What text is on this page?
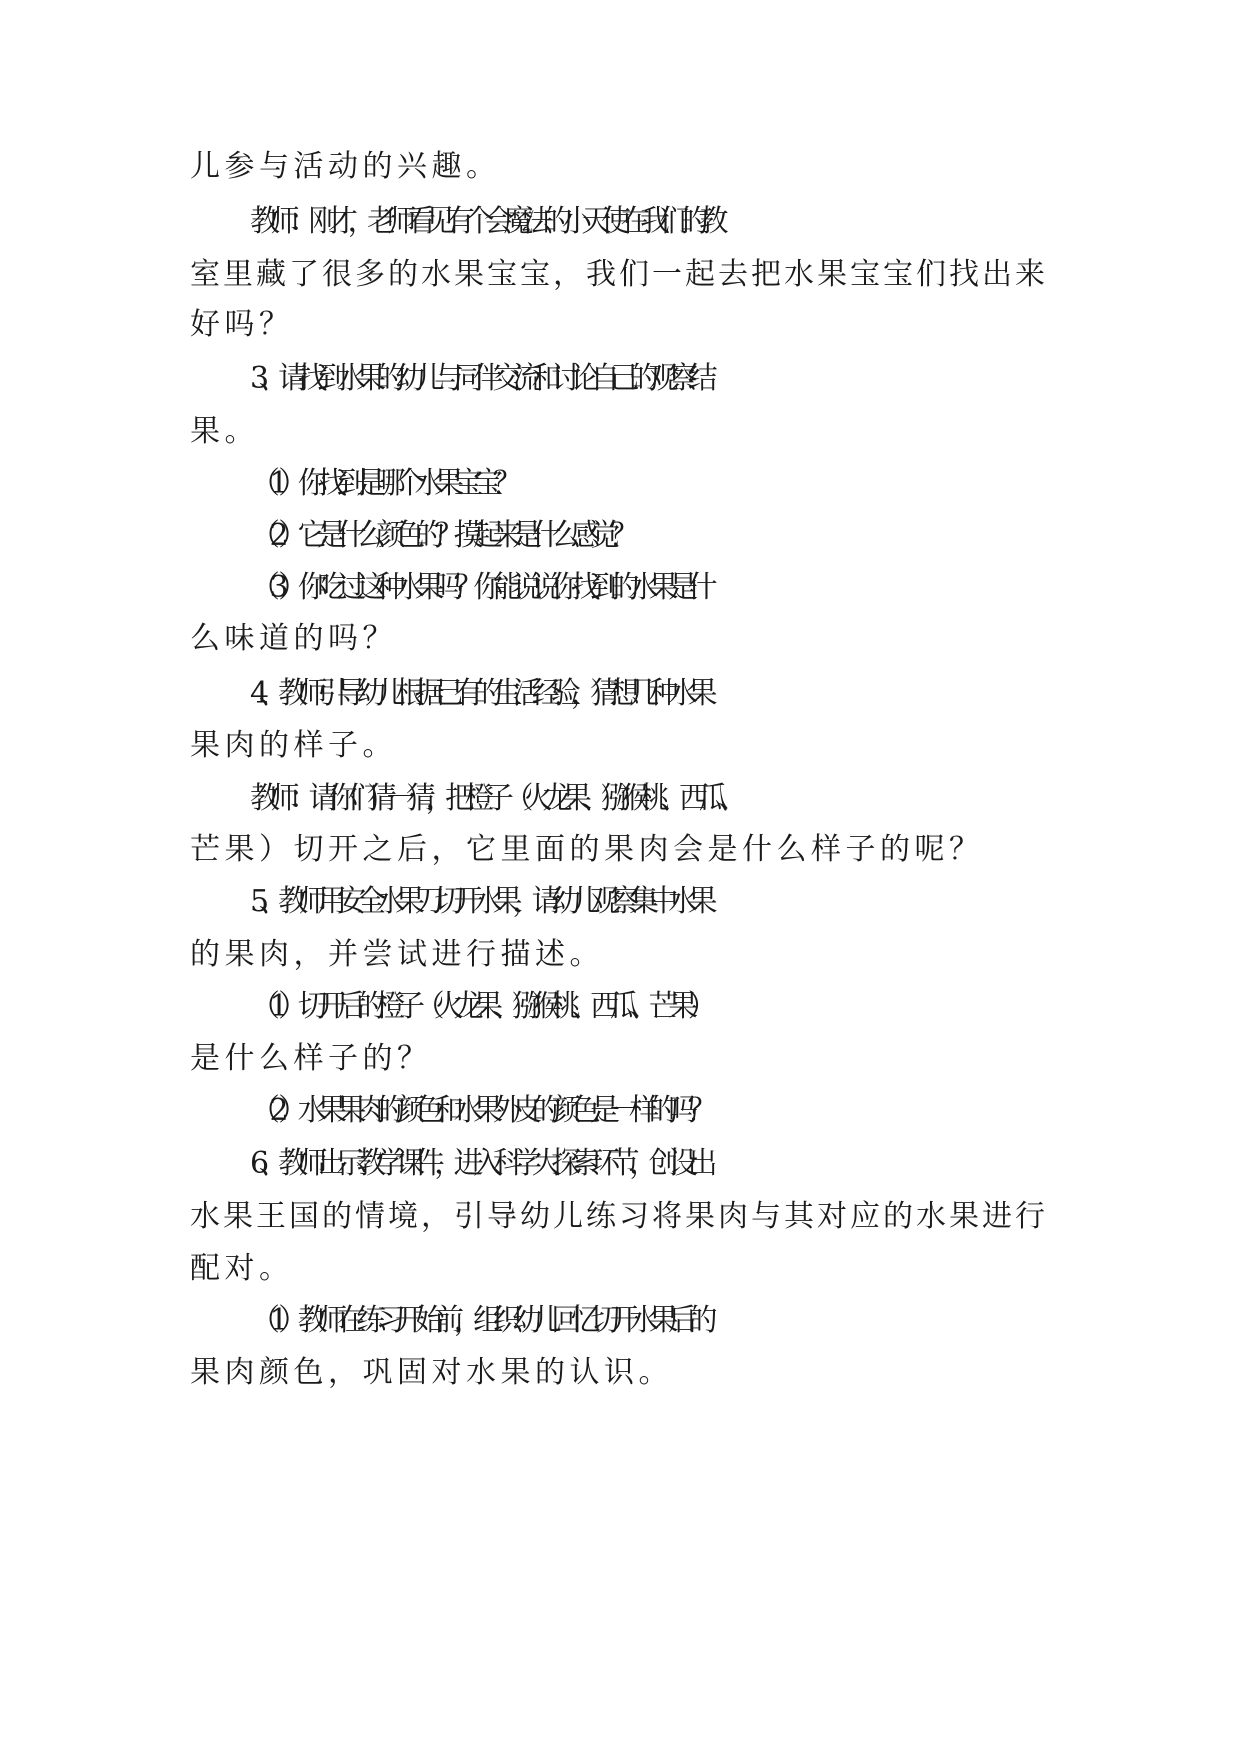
儿参与活动的兴趣。
教师：刚才，老师看见有个会魔法的小天使在我们的教
室里藏了很多的水果宝宝，我们一起去把水果宝宝们找出来
好吗？
3、请找到水果的幼儿与同伴交流和讨论自己的观察结
果。
（1）你找到是哪个水果宝宝？
（2）它是什么颜色的？摸起来是什么感觉？
（3）你吃过这种水果吗？你能说说你找到的水果是什
么味道的吗？
4、教师引导幼儿根据已有的生活经验，猜想几种水果
果肉的样子。
教师：请你们猜一猜，把橙子（火龙果、猕猴桃、西瓜、
芒果）切开之后，它里面的果肉会是什么样子的呢？
5、教师用安全水果刀切开水果，请幼儿观察集中水果
的果肉，并尝试进行描述。
（1）切开后的橙子（火龙果、猕猴桃、西瓜、芒果）
是什么样子的？
（2）水果果肉的颜色和水果外皮的颜色是一样的吗？
6、教师出示教学课件，进入科学大探索环节，创设出
水果王国的情境，引导幼儿练习将果肉与其对应的水果进行
配对。
（1）教师在练习开始前，组织幼儿回忆切开水果后的
果肉颜色，巩固对水果的认识。
